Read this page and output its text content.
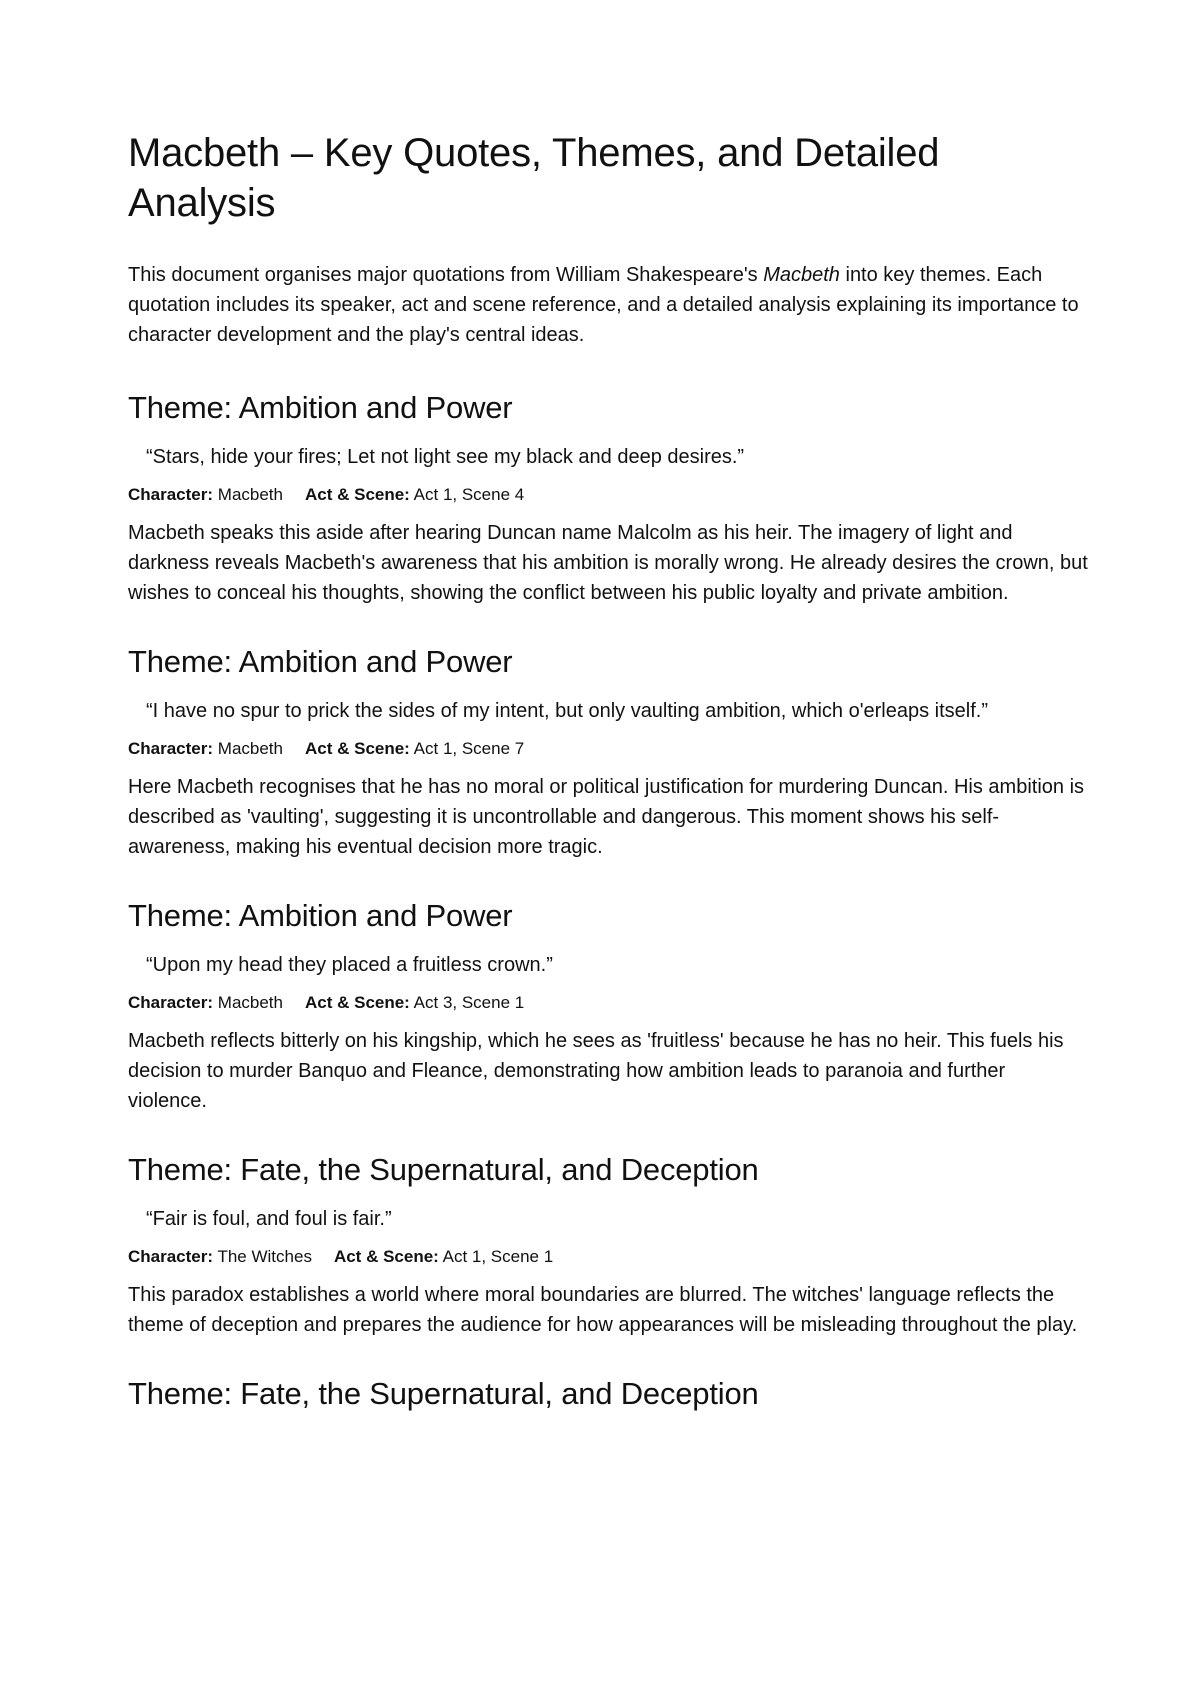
Macbeth – Key Quotes, Themes, and Detailed Analysis

This document organises major quotations from William Shakespeare's Macbeth into key themes. Each quotation includes its speaker, act and scene reference, and a detailed analysis explaining its importance to character development and the play's central ideas.

Theme: Ambition and Power

“Stars, hide your fires; Let not light see my black and deep desires.”

Character: Macbeth Act & Scene: Act 1, Scene 4

Macbeth speaks this aside after hearing Duncan name Malcolm as his heir. The imagery of light and darkness reveals Macbeth's awareness that his ambition is morally wrong. He already desires the crown, but wishes to conceal his thoughts, showing the conflict between his public loyalty and private ambition.

Theme: Ambition and Power

“I have no spur to prick the sides of my intent, but only vaulting ambition, which o'erleaps itself.”

Character: Macbeth Act & Scene: Act 1, Scene 7

Here Macbeth recognises that he has no moral or political justification for murdering Duncan. His ambition is described as 'vaulting', suggesting it is uncontrollable and dangerous. This moment shows his self-awareness, making his eventual decision more tragic.

Theme: Ambition and Power

“Upon my head they placed a fruitless crown.”

Character: Macbeth Act & Scene: Act 3, Scene 1

Macbeth reflects bitterly on his kingship, which he sees as 'fruitless' because he has no heir. This fuels his decision to murder Banquo and Fleance, demonstrating how ambition leads to paranoia and further violence.

Theme: Fate, the Supernatural, and Deception

“Fair is foul, and foul is fair.”

Character: The Witches Act & Scene: Act 1, Scene 1

This paradox establishes a world where moral boundaries are blurred. The witches' language reflects the theme of deception and prepares the audience for how appearances will be misleading throughout the play.

Theme: Fate, the Supernatural, and Deception
